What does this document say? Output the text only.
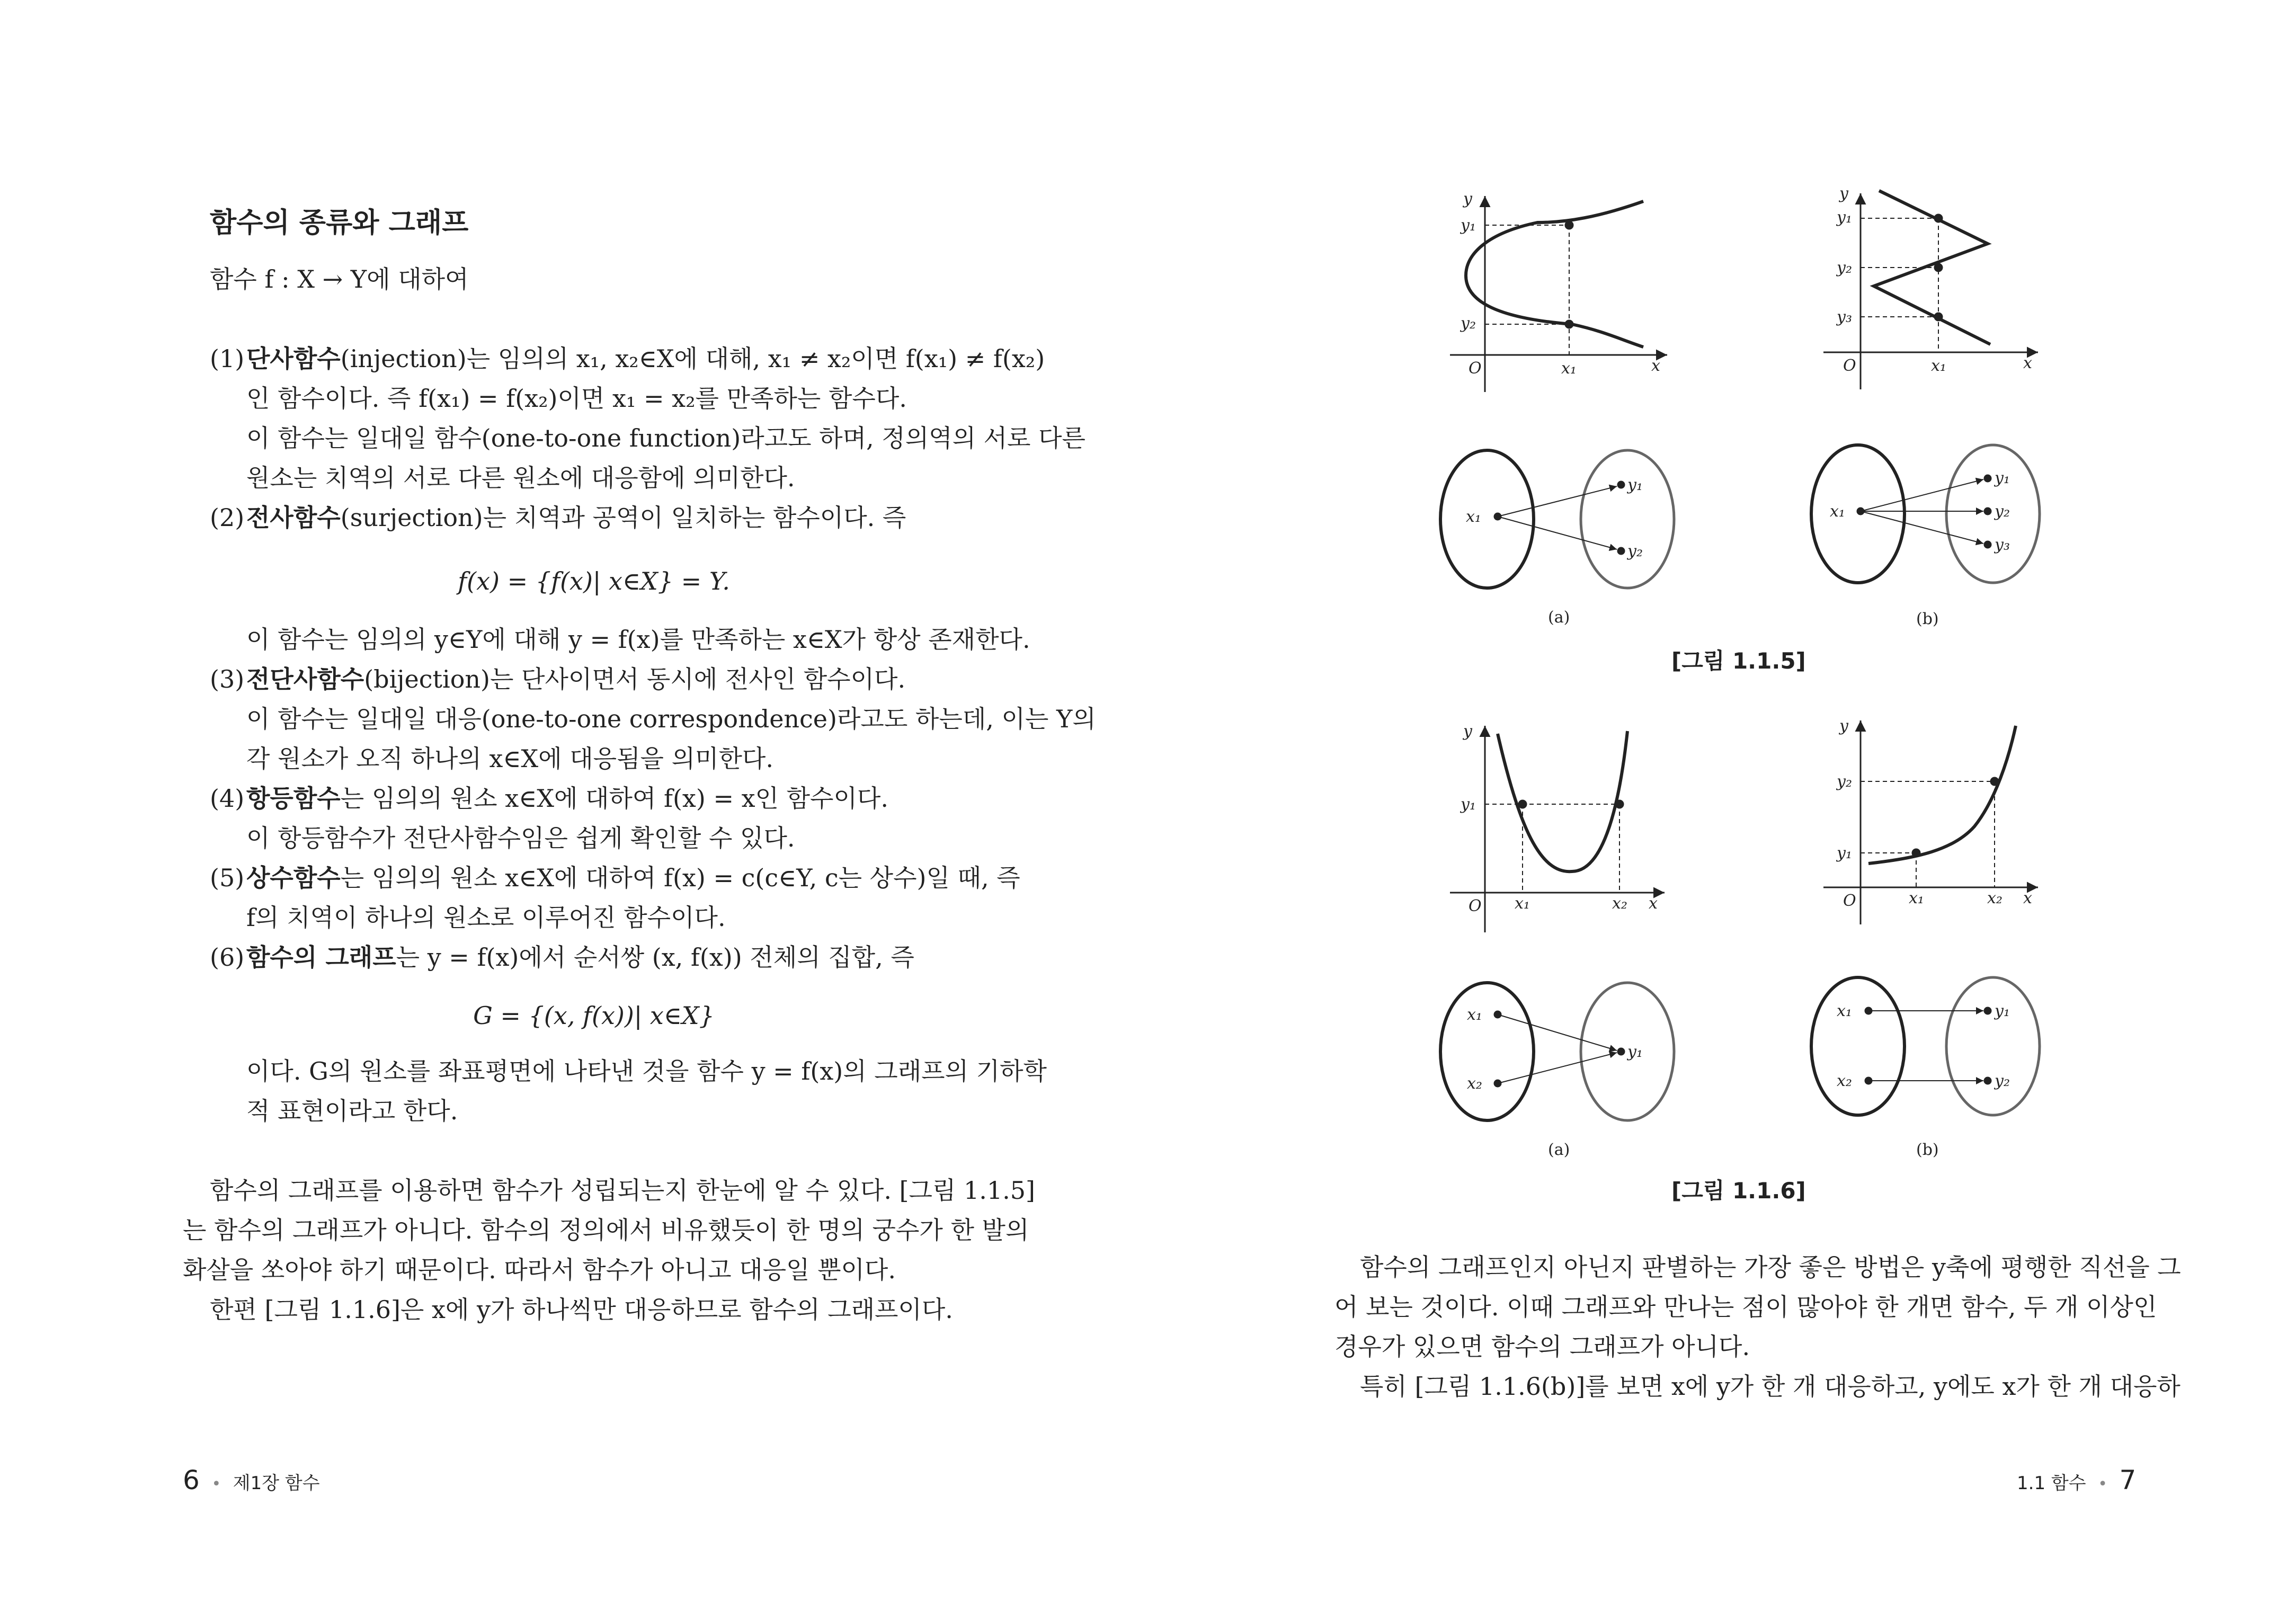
함수의 종류와 그래프
함수 f : X → Y에 대하여
(1) 단사함수(injection)는 임의의 x₁, x₂∈X에 대해, x₁ ≠ x₂이면 f(x₁) ≠ f(x₂)
인 함수이다. 즉 f(x₁) = f(x₂)이면 x₁ = x₂를 만족하는 함수다.
이 함수는 일대일 함수(one-to-one function)라고도 하며, 정의역의 서로 다른
원소는 치역의 서로 다른 원소에 대응함에 의미한다.
(2) 전사함수(surjection)는 치역과 공역이 일치하는 함수이다. 즉
f(x) = {f(x)| x∈X} = Y.
이 함수는 임의의 y∈Y에 대해 y = f(x)를 만족하는 x∈X가 항상 존재한다.
(3) 전단사함수(bijection)는 단사이면서 동시에 전사인 함수이다.
이 함수는 일대일 대응(one-to-one correspondence)라고도 하는데, 이는 Y의
각 원소가 오직 하나의 x∈X에 대응됨을 의미한다.
(4) 항등함수는 임의의 원소 x∈X에 대하여 f(x) = x인 함수이다.
이 항등함수가 전단사함수임은 쉽게 확인할 수 있다.
(5) 상수함수는 임의의 원소 x∈X에 대하여 f(x) = c(c∈Y, c는 상수)일 때, 즉
f의 치역이 하나의 원소로 이루어진 함수이다.
(6) 함수의 그래프는 y = f(x)에서 순서쌍 (x, f(x)) 전체의 집합, 즉
G = {(x, f(x))| x∈X}
이다. G의 원소를 좌표평면에 나타낸 것을 함수 y = f(x)의 그래프의 기하학
적 표현이라고 한다.
함수의 그래프를 이용하면 함수가 성립되는지 한눈에 알 수 있다. [그림 1.1.5]
는 함수의 그래프가 아니다. 함수의 정의에서 비유했듯이 한 명의 궁수가 한 발의
화살을 쏘아야 하기 때문이다. 따라서 함수가 아니고 대응일 뿐이다.
한편 [그림 1.1.6]은 x에 y가 하나씩만 대응하므로 함수의 그래프이다.
6 • 제1장 함수
y
y₁
y₂
O	x₁	x
y
y₁
y₂
y₃
O	x₁	x
x₁
y₁
y₂
(a)
x₁
y₁
y₂
y₃
(b)
y
y₁
O x₁	x₂ x
y
y₂
y₁
O	x₁	x₂ x
x₁
x₂
y₁
(a)
x₁
x₂
y₁
y₂
(b)
[그림 1.1.5]
[그림 1.1.6]
함수의 그래프인지 아닌지 판별하는 가장 좋은 방법은 y축에 평행한 직선을 그
어 보는 것이다. 이때 그래프와 만나는 점이 많아야 한 개면 함수, 두 개 이상인
경우가 있으면 함수의 그래프가 아니다.
특히 [그림 1.1.6(b)]를 보면 x에 y가 한 개 대응하고, y에도 x가 한 개 대응하
1.1 함수 • 7
